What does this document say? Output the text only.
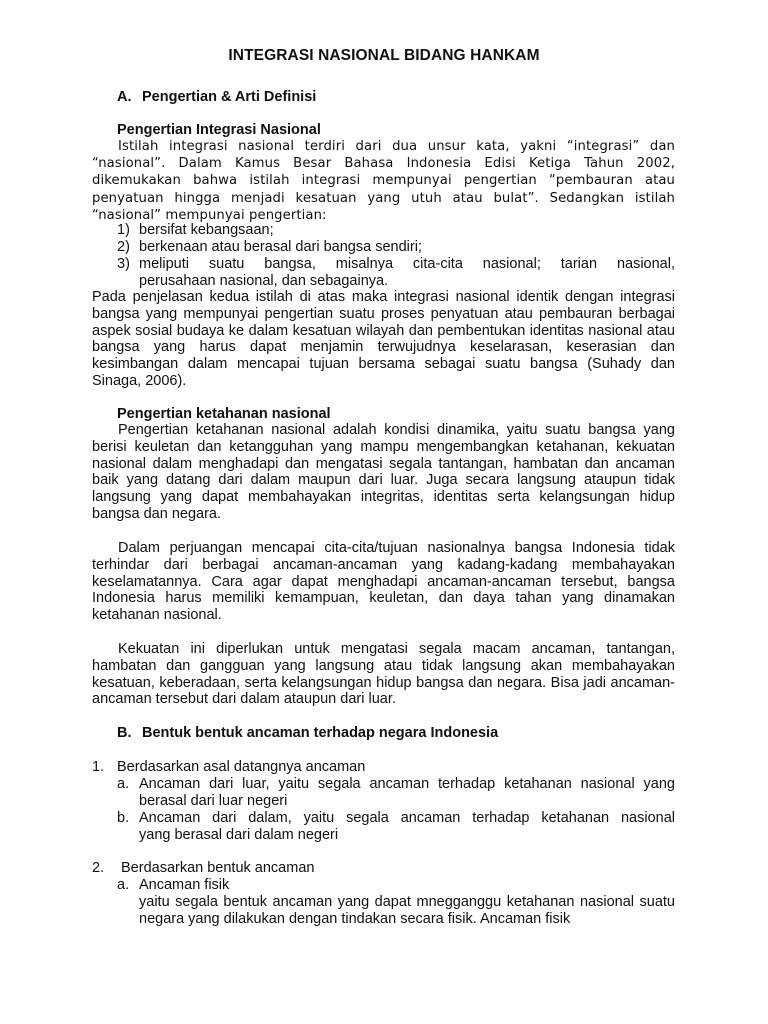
INTEGRASI NASIONAL BIDANG HANKAM
A. Pengertian & Arti Definisi
Pengertian Integrasi Nasional
Istilah integrasi nasional terdiri dari dua unsur kata, yakni “integrasi” dan “nasional”. Dalam Kamus Besar Bahasa Indonesia Edisi Ketiga Tahun 2002, dikemukakan bahwa istilah integrasi mempunyai pengertian “pembauran atau penyatuan hingga menjadi kesatuan yang utuh atau bulat”. Sedangkan istilah “nasional” mempunyai pengertian:
1) bersifat kebangsaan;
2) berkenaan atau berasal dari bangsa sendiri;
3) meliputi suatu bangsa, misalnya cita-cita nasional; tarian nasional,
perusahaan nasional, dan sebagainya.
Pada penjelasan kedua istilah di atas maka integrasi nasional identik dengan integrasi bangsa yang mempunyai pengertian suatu proses penyatuan atau pembauran berbagai aspek sosial budaya ke dalam kesatuan wilayah dan pembentukan identitas nasional atau bangsa yang harus dapat menjamin terwujudnya keselarasan, keserasian dan kesimbangan dalam mencapai tujuan bersama sebagai suatu bangsa (Suhady dan Sinaga, 2006).
Pengertian ketahanan nasional
Pengertian ketahanan nasional adalah kondisi dinamika, yaitu suatu bangsa yang berisi keuletan dan ketangguhan yang mampu mengembangkan ketahanan, kekuatan nasional dalam menghadapi dan mengatasi segala tantangan, hambatan dan ancaman baik yang datang dari dalam maupun dari luar. Juga secara langsung ataupun tidak langsung yang dapat membahayakan integritas, identitas serta kelangsungan hidup bangsa dan negara.
Dalam perjuangan mencapai cita-cita/tujuan nasionalnya bangsa Indonesia tidak terhindar dari berbagai ancaman-ancaman yang kadang-kadang membahayakan keselamatannya. Cara agar dapat menghadapi ancaman-ancaman tersebut, bangsa Indonesia harus memiliki kemampuan, keuletan, dan daya tahan yang dinamakan ketahanan nasional.
Kekuatan ini diperlukan untuk mengatasi segala macam ancaman, tantangan, hambatan dan gangguan yang langsung atau tidak langsung akan membahayakan kesatuan, keberadaan, serta kelangsungan hidup bangsa dan negara. Bisa jadi ancaman-ancaman tersebut dari dalam ataupun dari luar.
B. Bentuk bentuk ancaman terhadap negara Indonesia
1. Berdasarkan asal datangnya ancaman
a. Ancaman dari luar, yaitu segala ancaman terhadap ketahanan nasional yang
berasal dari luar negeri
b. Ancaman dari dalam, yaitu segala ancaman terhadap ketahanan nasional
yang berasal dari dalam negeri
2. Berdasarkan bentuk ancaman
a. Ancaman fisik
yaitu segala bentuk ancaman yang dapat mnegganggu ketahanan nasional suatu negara yang dilakukan dengan tindakan secara fisik. Ancaman fisik
